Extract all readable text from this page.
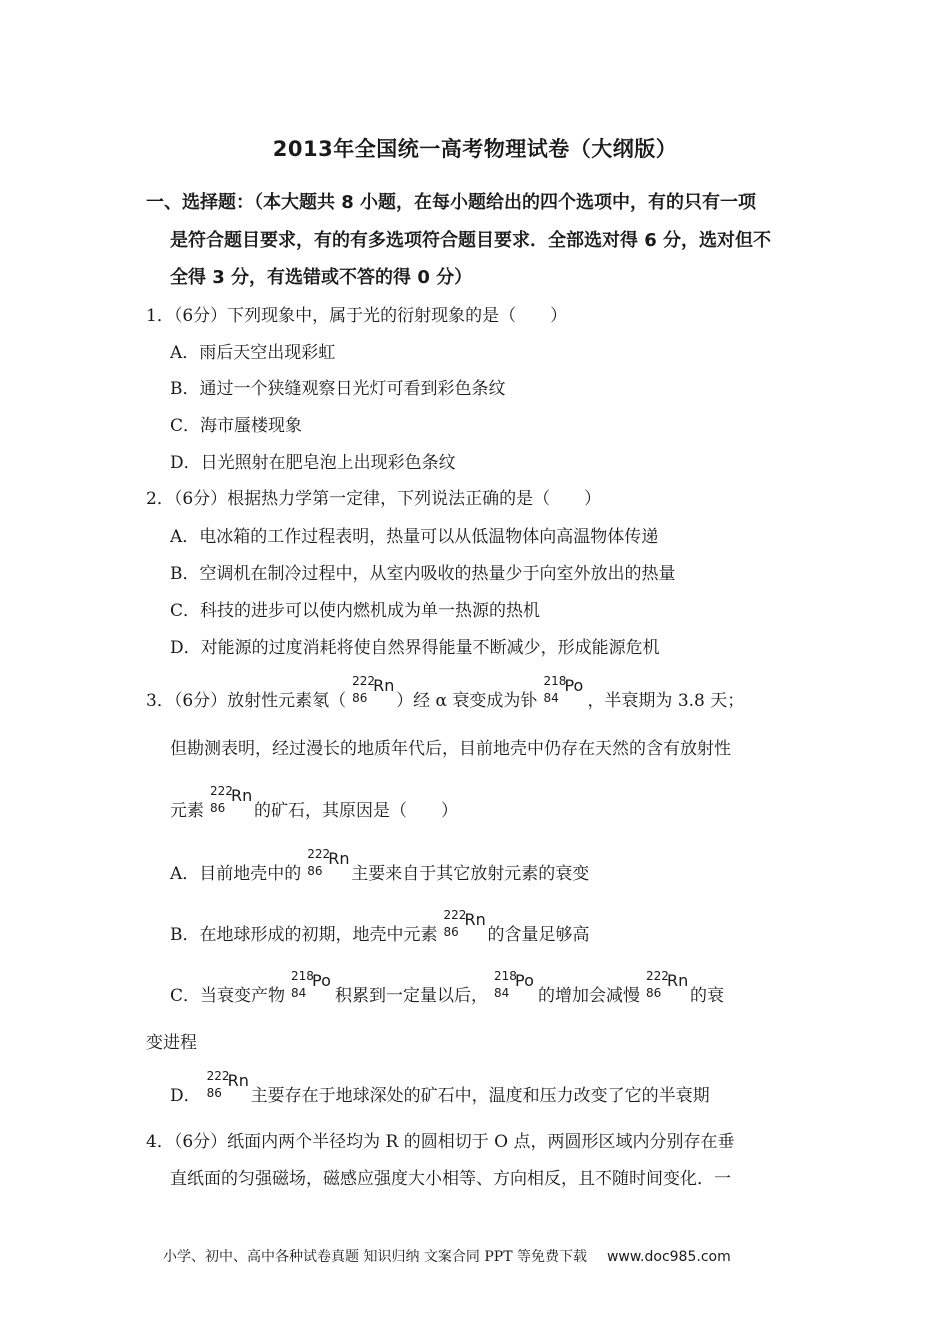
2013年全国统一高考物理试卷（大纲版）
一、选择题：（本大题共 8 小题，在每小题给出的四个选项中，有的只有一项
是符合题目要求，有的有多选项符合题目要求．全部选对得 6 分，选对但不
全得 3 分，有选错或不答的得 0 分）
1．（6分）下列现象中，属于光的衍射现象的是（　　）
A．雨后天空出现彩虹
B．通过一个狭缝观察日光灯可看到彩色条纹
C．海市蜃楼现象
D．日光照射在肥皂泡上出现彩色条纹
2．（6分）根据热力学第一定律，下列说法正确的是（　　）
A．电冰箱的工作过程表明，热量可以从低温物体向高温物体传递
B．空调机在制冷过程中，从室内吸收的热量少于向室外放出的热量
C．科技的进步可以使内燃机成为单一热源的热机
D．对能源的过度消耗将使自然界得能量不断减少，形成能源危机
3．（6分）放射性元素氡（
222
86
Rn
）经 α 衰变成为钋
218
84
Po
，半衰期为 3.8 天；
但勘测表明，经过漫长的地质年代后，目前地壳中仍存在天然的含有放射性
元素
222
86
Rn
的矿石，其原因是（　　）
A．目前地壳中的
222
86
Rn
主要来自于其它放射元素的衰变
B．在地球形成的初期，地壳中元素
222
86
Rn
的含量足够高
C．当衰变产物
218
84
Po
积累到一定量以后，
218
84
Po
的增加会减慢
222
86
Rn
的衰
变进程
D．
222
86
Rn
主要存在于地球深处的矿石中，温度和压力改变了它的半衰期
4．（6分）纸面内两个半径均为 R 的圆相切于 O 点，两圆形区域内分别存在垂
直纸面的匀强磁场，磁感应强度大小相等、方向相反，且不随时间变化．一
小学、初中、高中各种试卷真题 知识归纳 文案合同 PPT 等免费下载 www.doc985.com
